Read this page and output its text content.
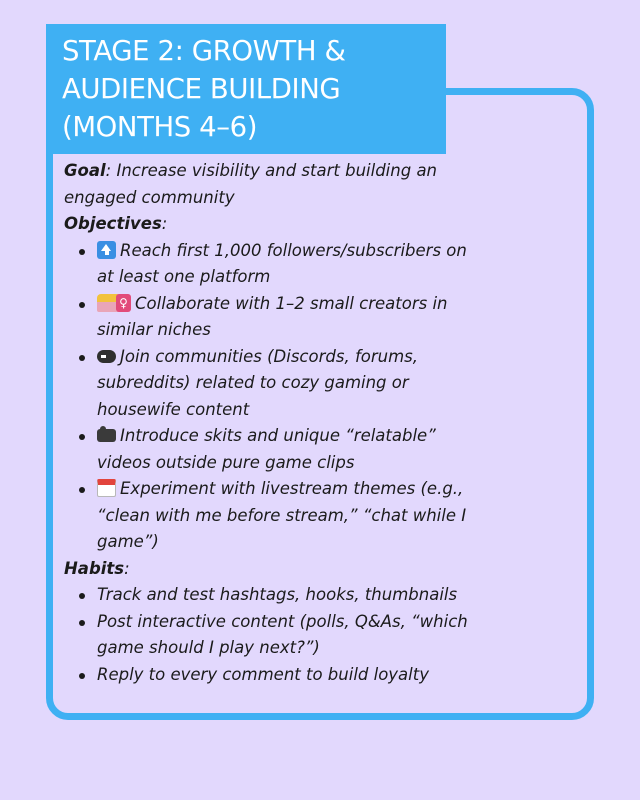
STAGE 2: GROWTH &
AUDIENCE BUILDING
(MONTHS 4–6)
Goal: Increase visibility and start building an
engaged community
Objectives:
Reach first 1,000 followers/subscribers on
at least one platform
♀ Collaborate with 1–2 small creators in
similar niches
Join communities (Discords, forums,
subreddits) related to cozy gaming or
housewife content
Introduce skits and unique “relatable”
videos outside pure game clips
Experiment with livestream themes (e.g.,
“clean with me before stream,” “chat while I
game”)
Habits:
Track and test hashtags, hooks, thumbnails
Post interactive content (polls, Q&As, “which
game should I play next?”)
Reply to every comment to build loyalty
